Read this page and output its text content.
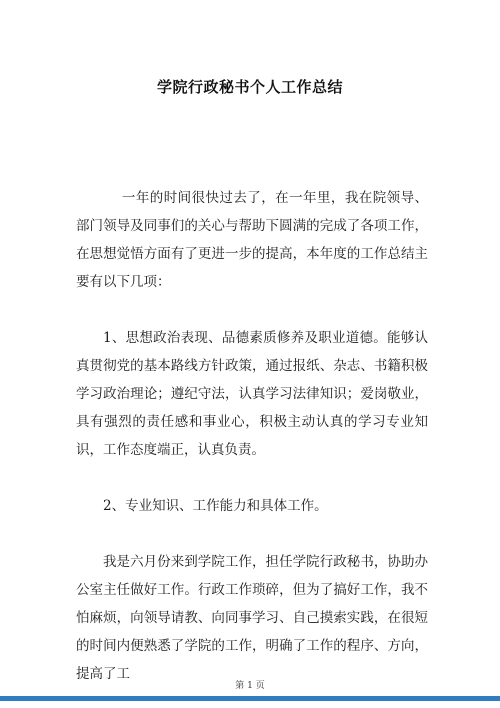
学院行政秘书个人工作总结

一年的时间很快过去了，在一年里，我在院领导、部门领导及同事们的关心与帮助下圆满的完成了各项工作，在思想觉悟方面有了更进一步的提高，本年度的工作总结主要有以下几项：

1、思想政治表现、品德素质修养及职业道德。能够认真贯彻党的基本路线方针政策，通过报纸、杂志、书籍积极学习政治理论；遵纪守法，认真学习法律知识；爱岗敬业，具有强烈的责任感和事业心，积极主动认真的学习专业知识，工作态度端正，认真负责。

2、专业知识、工作能力和具体工作。

我是六月份来到学院工作，担任学院行政秘书，协助办公室主任做好工作。行政工作琐碎，但为了搞好工作，我不怕麻烦，向领导请教、向同事学习、自己摸索实践，在很短的时间内便熟悉了学院的工作，明确了工作的程序、方向，提高了工

第 1 页
